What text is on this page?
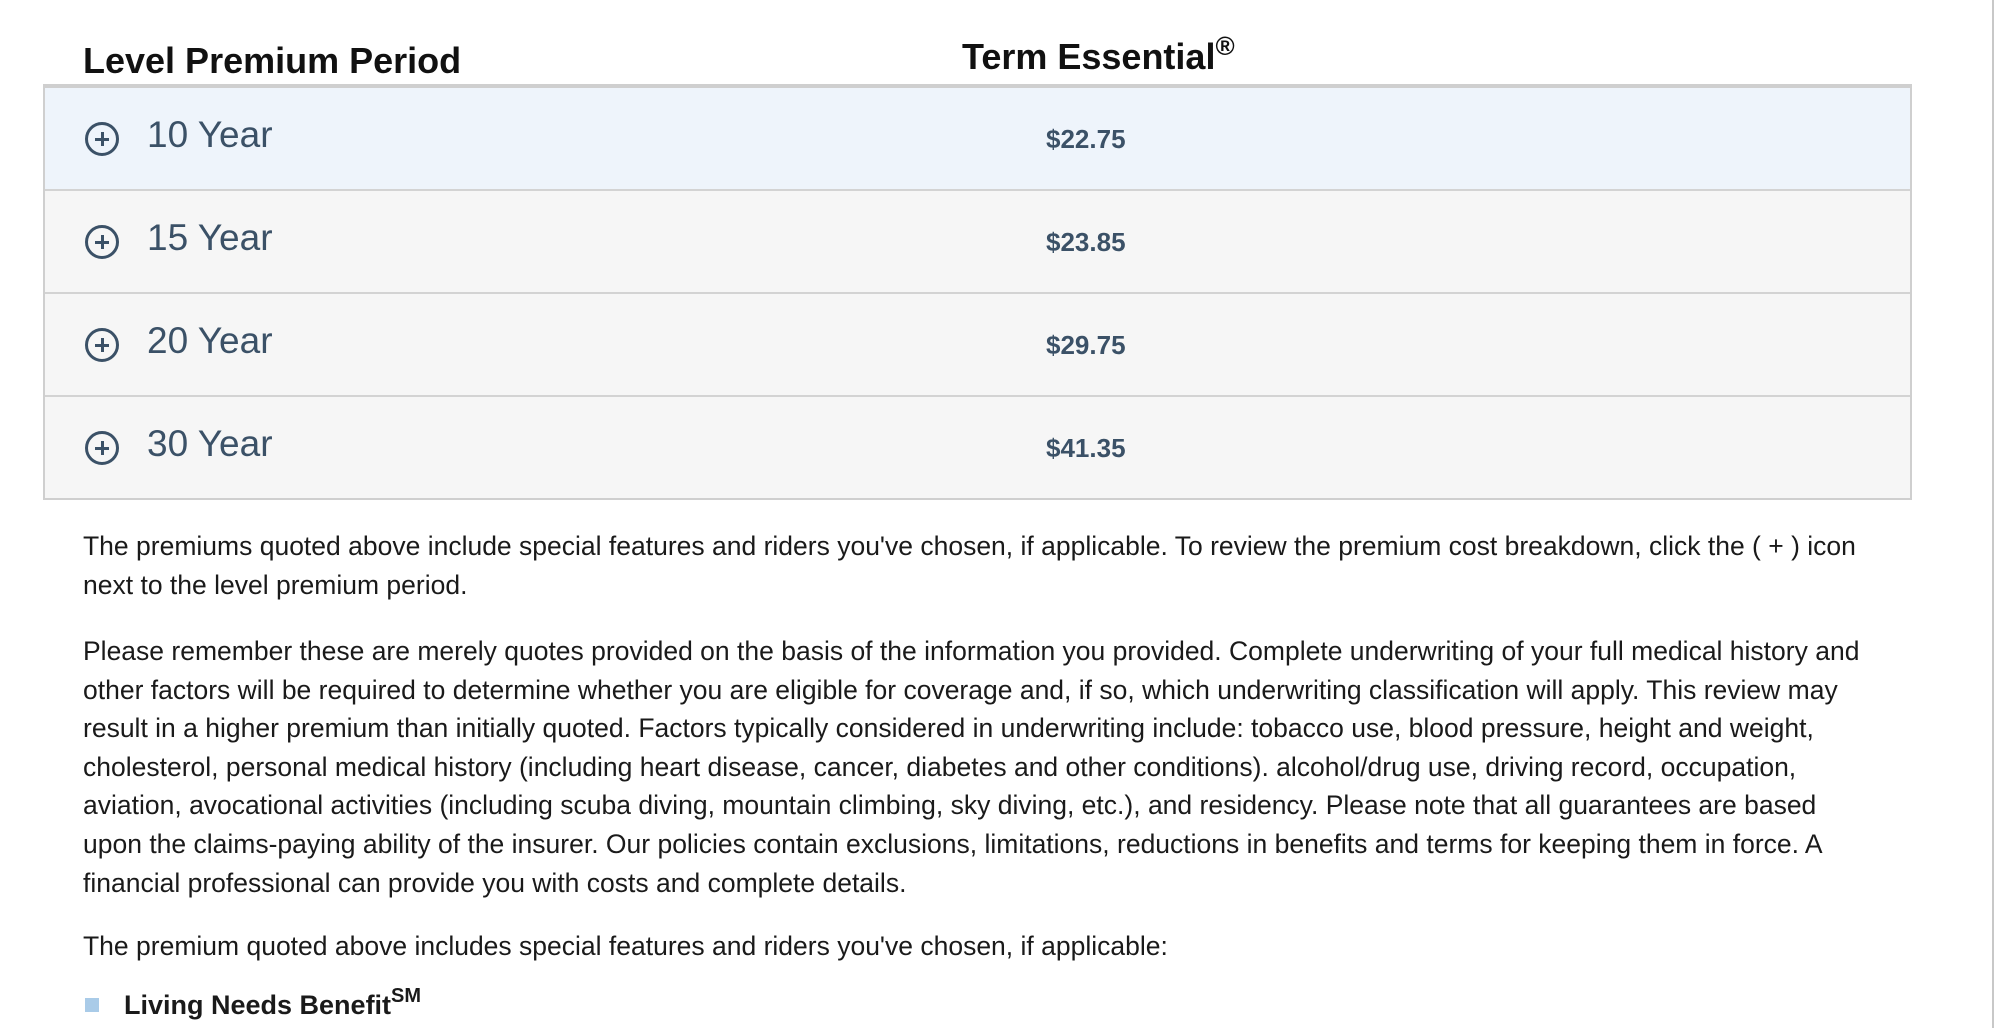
Level Premium Period	Term Essential®
10 Year	$22.75
15 Year	$23.85
20 Year	$29.75
30 Year	$41.35

The premiums quoted above include special features and riders you've chosen, if applicable. To review the premium cost breakdown, click the ( + ) icon next to the level premium period.

Please remember these are merely quotes provided on the basis of the information you provided. Complete underwriting of your full medical history and other factors will be required to determine whether you are eligible for coverage and, if so, which underwriting classification will apply. This review may result in a higher premium than initially quoted. Factors typically considered in underwriting include: tobacco use, blood pressure, height and weight, cholesterol, personal medical history (including heart disease, cancer, diabetes and other conditions). alcohol/drug use, driving record, occupation, aviation, avocational activities (including scuba diving, mountain climbing, sky diving, etc.), and residency. Please note that all guarantees are based upon the claims-paying ability of the insurer. Our policies contain exclusions, limitations, reductions in benefits and terms for keeping them in force. A financial professional can provide you with costs and complete details.

The premium quoted above includes special features and riders you've chosen, if applicable:

Living Needs Benefit℠
